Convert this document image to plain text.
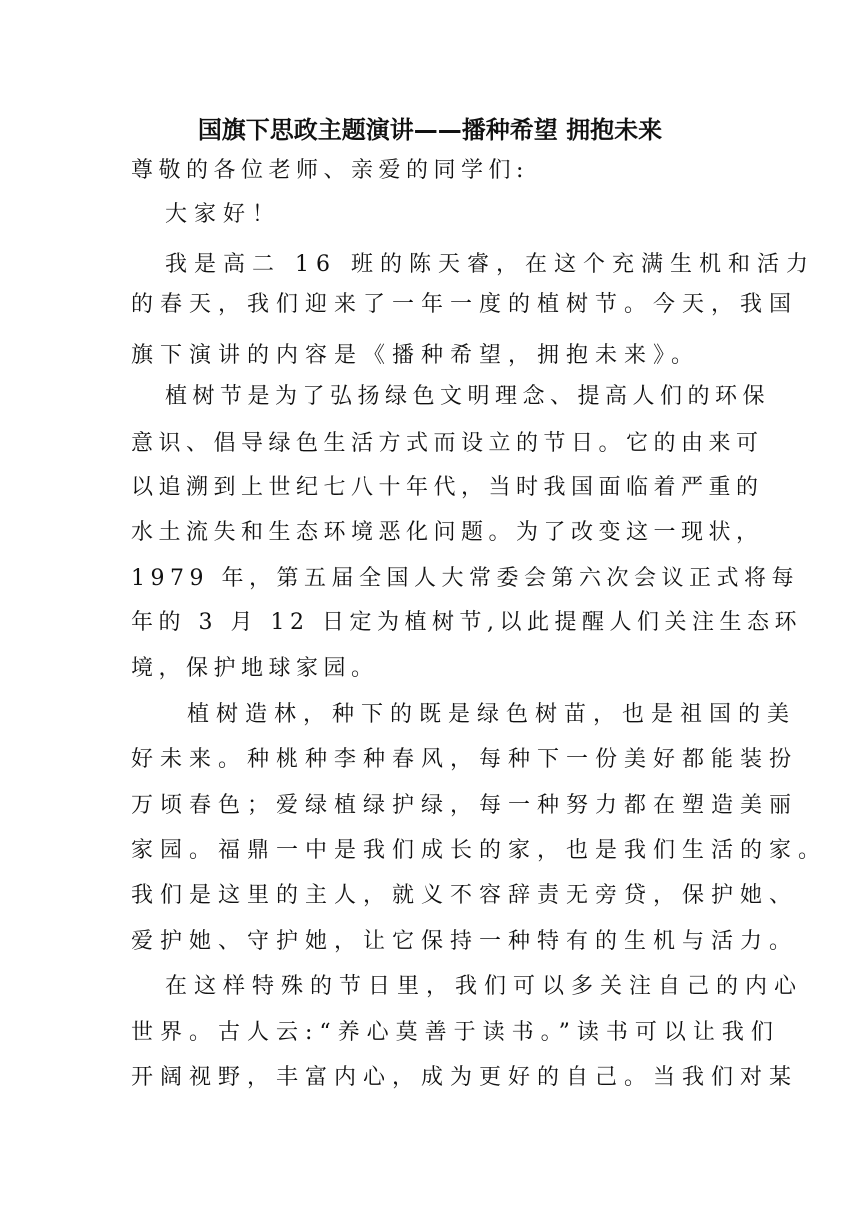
国旗下思政主题演讲——播种希望 拥抱未来
尊敬的各位老师、亲爱的同学们:
大家好！
我是高二 16 班的陈天睿，在这个充满生机和活力
的春天，我们迎来了一年一度的植树节。今天，我国
旗下演讲的内容是《播种希望，拥抱未来》。
植树节是为了弘扬绿色文明理念、提高人们的环保
意识、倡导绿色生活方式而设立的节日。它的由来可
以追溯到上世纪七八十年代，当时我国面临着严重的
水土流失和生态环境恶化问题。为了改变这一现状，
1979 年，第五届全国人大常委会第六次会议正式将每
年的 3 月 12 日定为植树节,以此提醒人们关注生态环
境，保护地球家园。
植树造林，种下的既是绿色树苗，也是祖国的美
好未来。种桃种李种春风，每种下一份美好都能装扮
万顷春色；爱绿植绿护绿，每一种努力都在塑造美丽
家园。福鼎一中是我们成长的家，也是我们生活的家。
我们是这里的主人，就义不容辞责无旁贷，保护她、
爱护她、守护她，让它保持一种特有的生机与活力。
在这样特殊的节日里，我们可以多关注自己的内心
世界。古人云:“养心莫善于读书。”读书可以让我们
开阔视野，丰富内心，成为更好的自己。当我们对某
